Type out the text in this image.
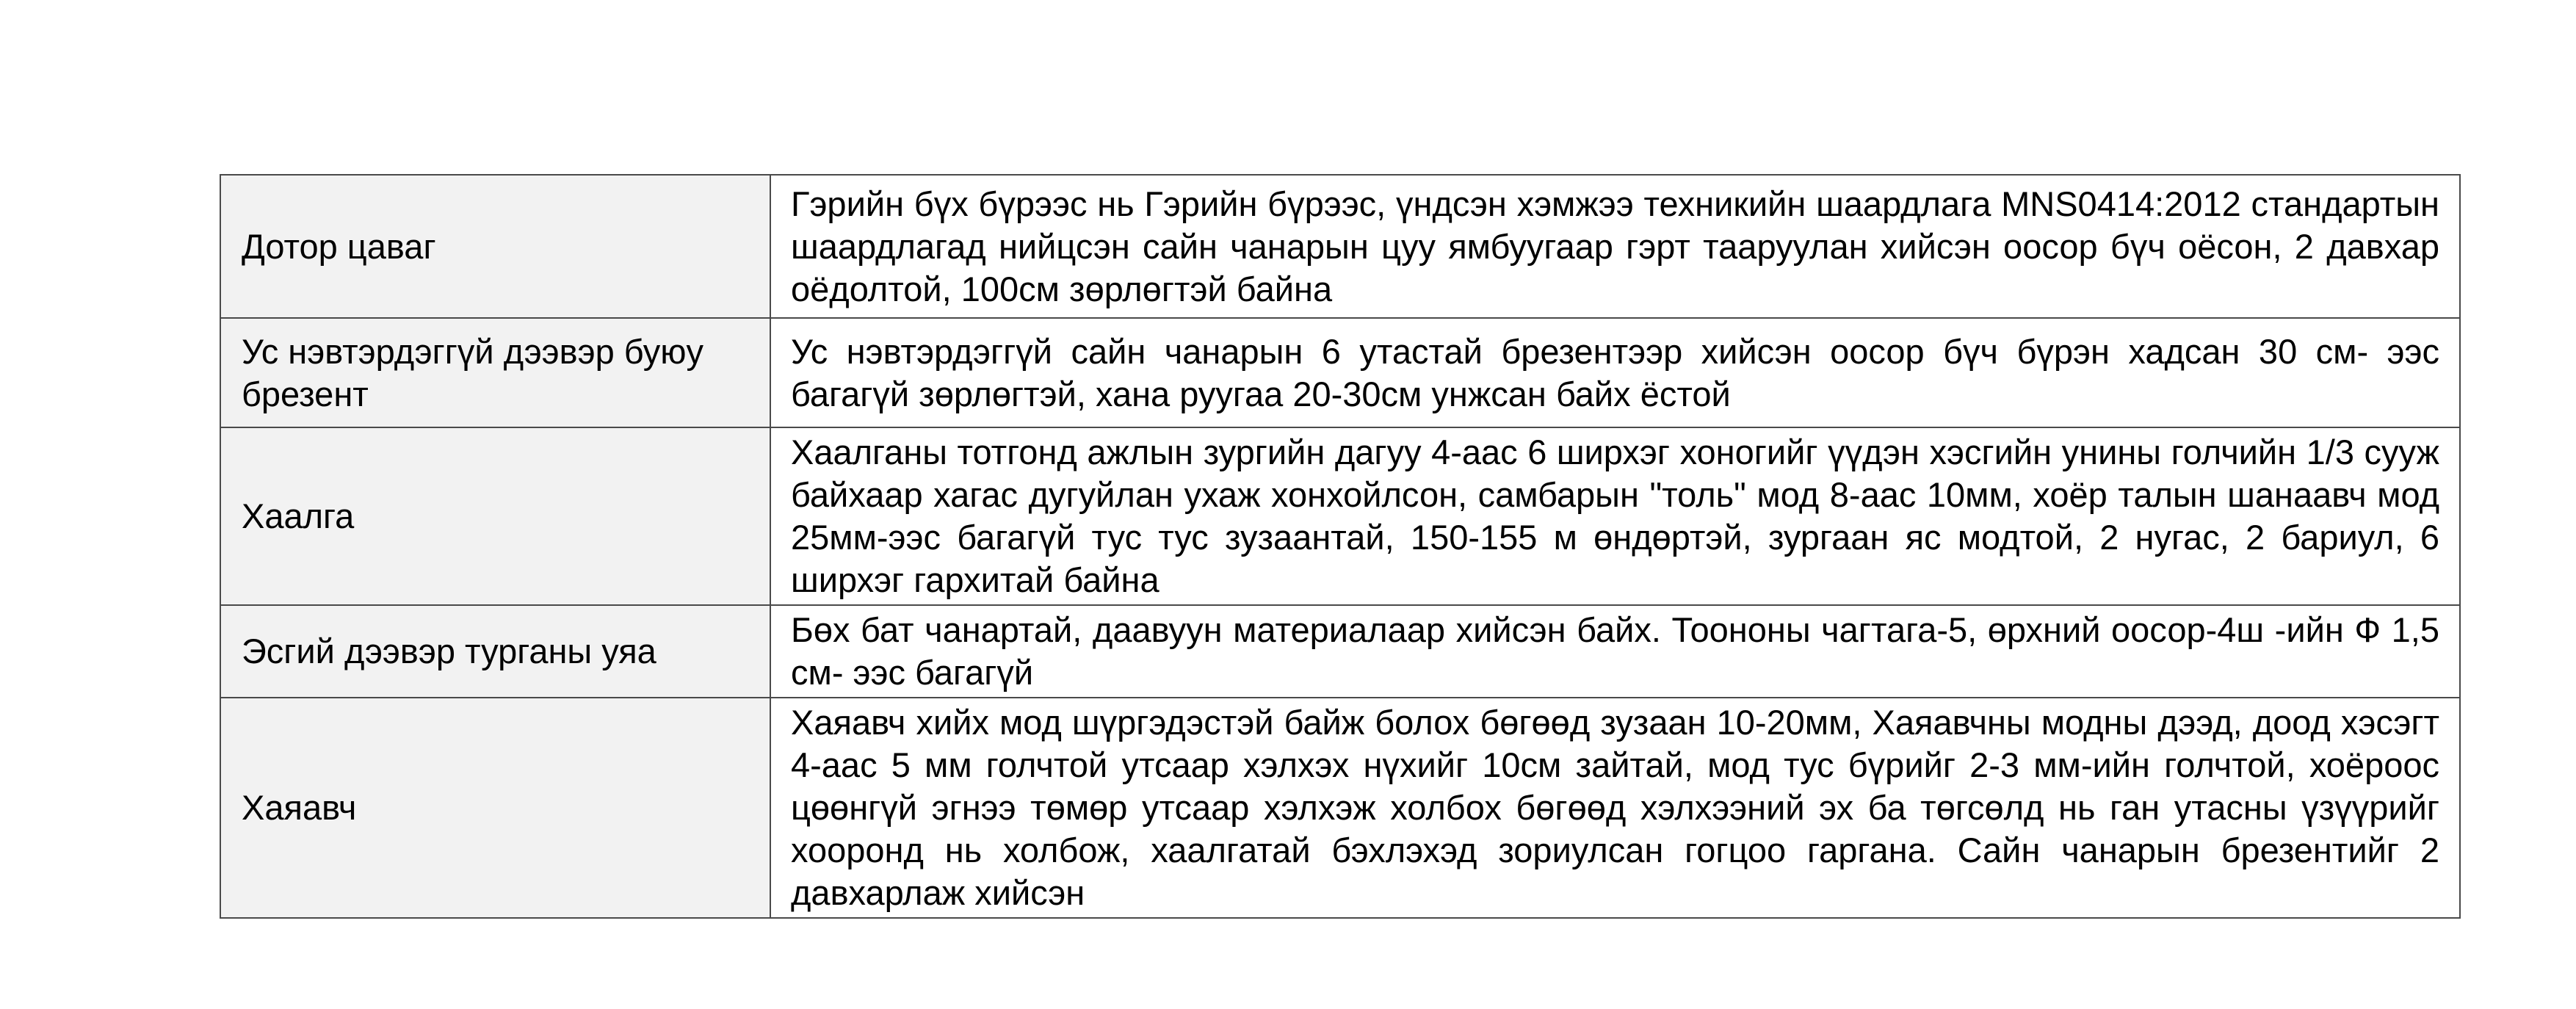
Дотор цаваг	Гэрийн бүх бүрээс нь Гэрийн бүрээс, үндсэн хэмжээ техникийн шаардлага MNS0414:2012 стандартын шаардлагад нийцсэн сайн чанарын цуу ямбуугаар гэрт тааруулан хийсэн оосор бүч оёсон, 2 давхар оёдолтой, 100см зөрлөгтэй байна
Ус нэвтэрдэггүй дээвэр буюу брезент	Ус нэвтэрдэггүй сайн чанарын 6 утастай брезентээр хийсэн оосор бүч бүрэн хадсан 30 см- ээс багагүй зөрлөгтэй, хана руугаа 20-30см унжсан байх ёстой
Хаалга	Хаалганы тотгонд ажлын зургийн дагуу 4-аас 6 ширхэг хоногийг үүдэн хэсгийн унины голчийн 1/3 сууж байхаар хагас дугуйлан ухаж хонхойлсон, самбарын "толь" мод 8-аас 10мм, хоёр талын шанаавч мод 25мм-ээс багагүй тус тус зузаантай, 150-155 м өндөртэй, зургаан яс модтой, 2 нугас, 2 бариул, 6 ширхэг гархитай байна
Эсгий дээвэр турганы уяа	Бөх бат чанартай, даавуун материалаар хийсэн байх. Тоононы чагтага-5, өрхний оосор-4ш -ийн Ф 1,5 см- ээс багагүй
Хаяавч	Хаяавч хийх мод шүргэдэстэй байж болох бөгөөд зузаан 10-20мм, Хаяавчны модны дээд, доод хэсэгт 4-аас 5 мм голчтой утсаар хэлхэх нүхийг 10см зайтай, мод тус бүрийг 2-3 мм-ийн голчтой, хоёроос цөөнгүй эгнээ төмөр утсаар хэлхэж холбох бөгөөд хэлхээний эх ба төгсөлд нь ган утасны үзүүрийг хооронд нь холбож, хаалгатай бэхлэхэд зориулсан гогцоо гаргана. Сайн чанарын брезентийг 2 давхарлаж хийсэн
